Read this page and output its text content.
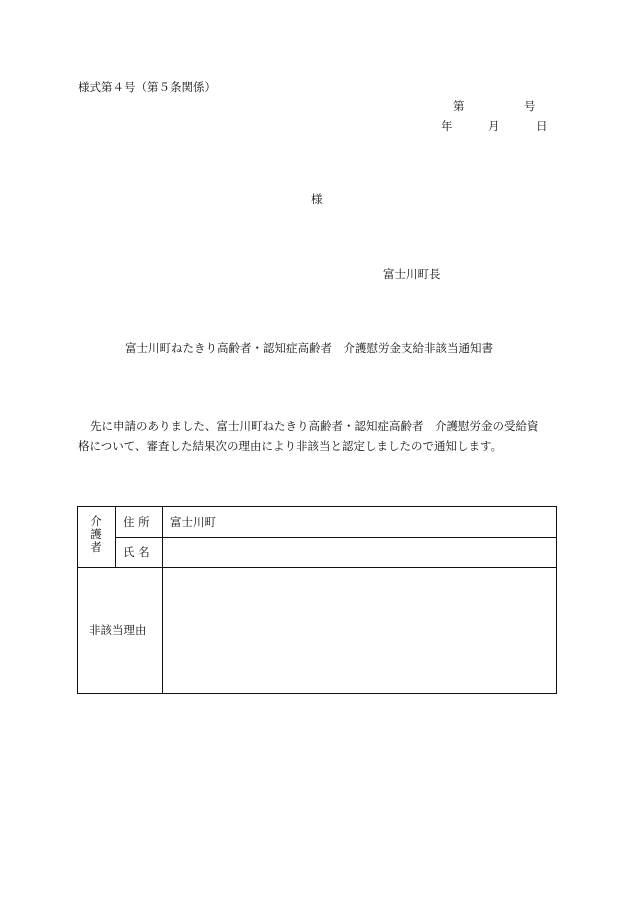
様式第４号（第５条関係）
第	号
年	月	日
様
富士川町長
富士川町ねたきり高齢者・認知症高齢者　介護慰労金支給非該当通知書
先に申請のありました、富士川町ねたきり高齢者・認知症高齢者　介護慰労金の受給資
格について、審査した結果次の理由により非該当と認定しましたので通知します。
介護者
住 所 富士川町
氏 名
非該当理由
